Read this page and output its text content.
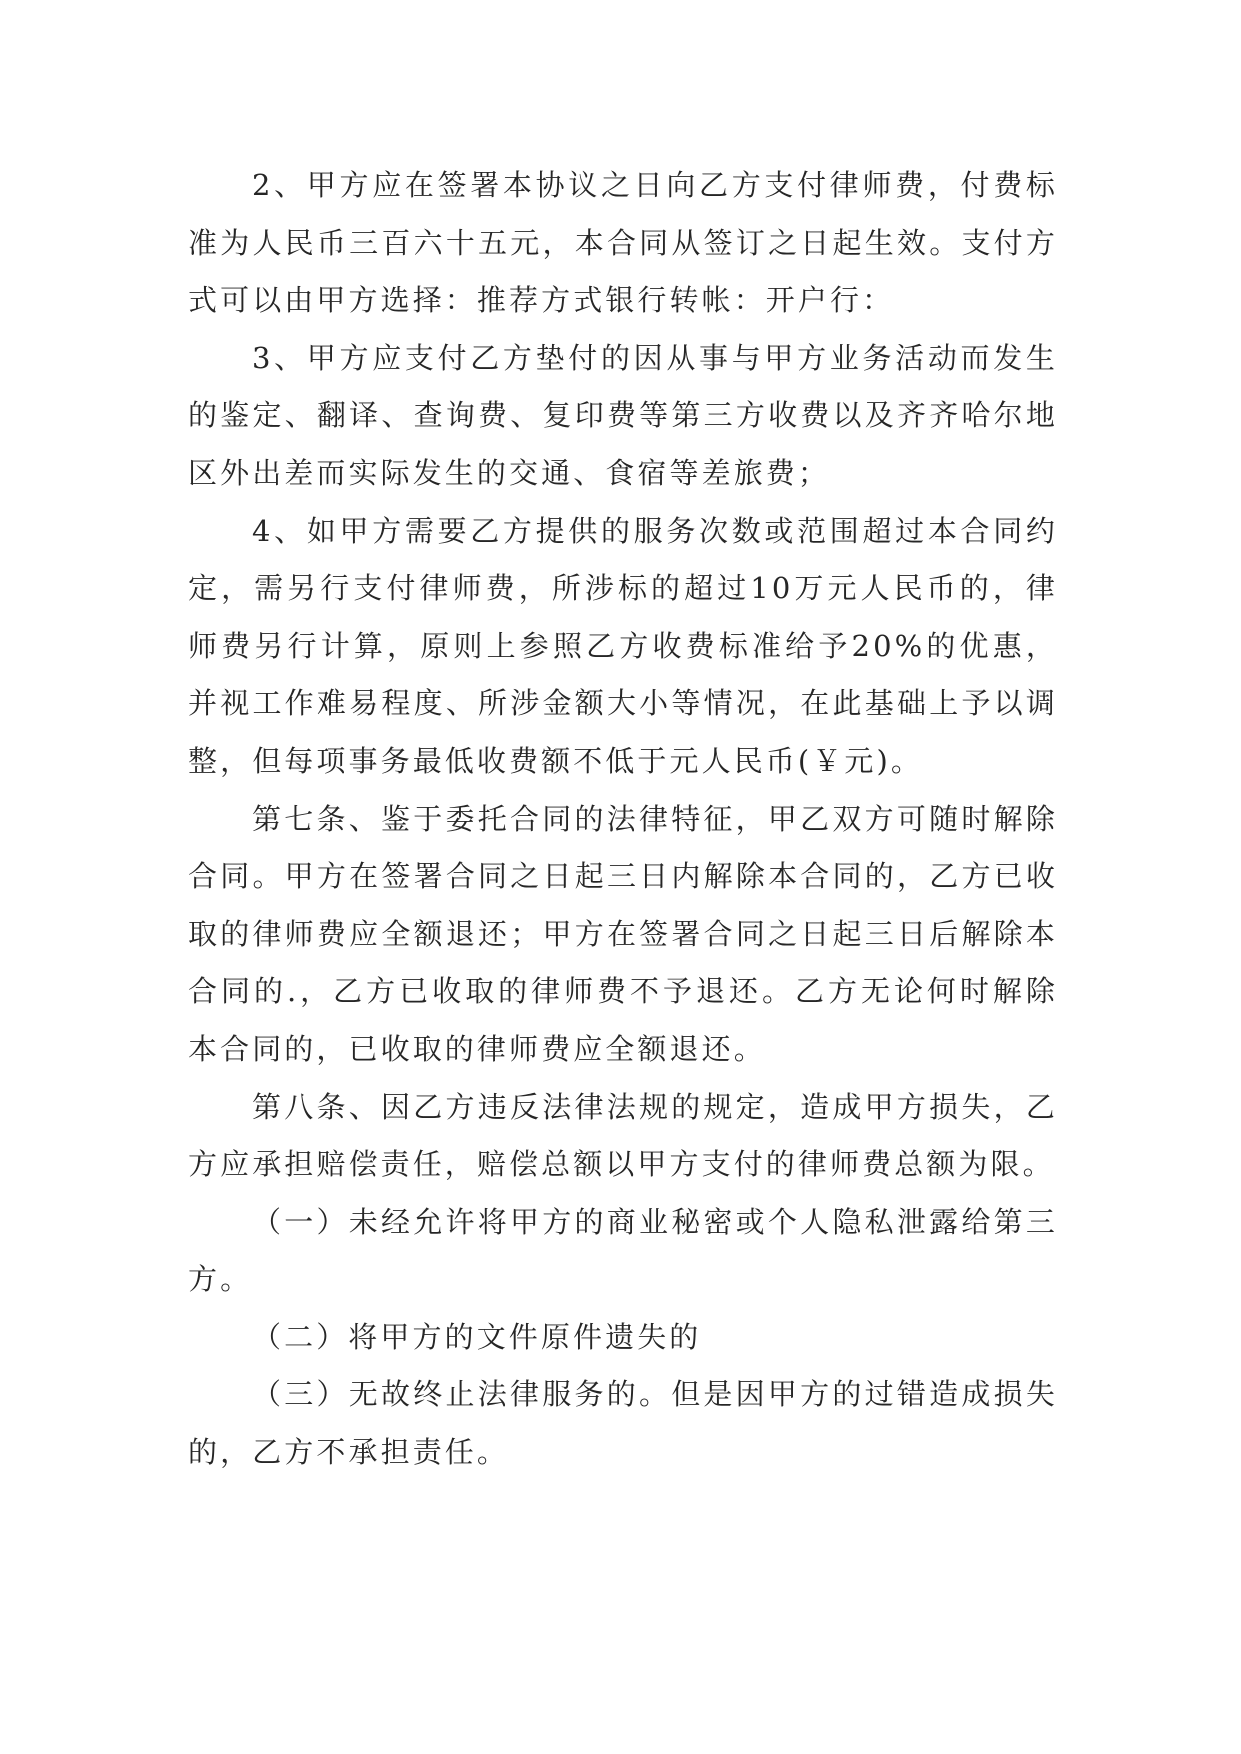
2、甲方应在签署本协议之日向乙方支付律师费，付费标准为人民币三百六十五元，本合同从签订之日起生效。支付方式可以由甲方选择：推荐方式银行转帐：开户行：

3、甲方应支付乙方垫付的因从事与甲方业务活动而发生的鉴定、翻译、查询费、复印费等第三方收费以及齐齐哈尔地区外出差而实际发生的交通、食宿等差旅费；

4、如甲方需要乙方提供的服务次数或范围超过本合同约定，需另行支付律师费，所涉标的超过10万元人民币的，律师费另行计算，原则上参照乙方收费标准给予20%的优惠，并视工作难易程度、所涉金额大小等情况，在此基础上予以调整，但每项事务最低收费额不低于元人民币(￥元)。

第七条、鉴于委托合同的法律特征，甲乙双方可随时解除合同。甲方在签署合同之日起三日内解除本合同的，乙方已收取的律师费应全额退还；甲方在签署合同之日起三日后解除本合同的.，乙方已收取的律师费不予退还。乙方无论何时解除本合同的，已收取的律师费应全额退还。

第八条、因乙方违反法律法规的规定，造成甲方损失，乙方应承担赔偿责任，赔偿总额以甲方支付的律师费总额为限。

（一）未经允许将甲方的商业秘密或个人隐私泄露给第三方。

（二）将甲方的文件原件遗失的

（三）无故终止法律服务的。但是因甲方的过错造成损失的，乙方不承担责任。
